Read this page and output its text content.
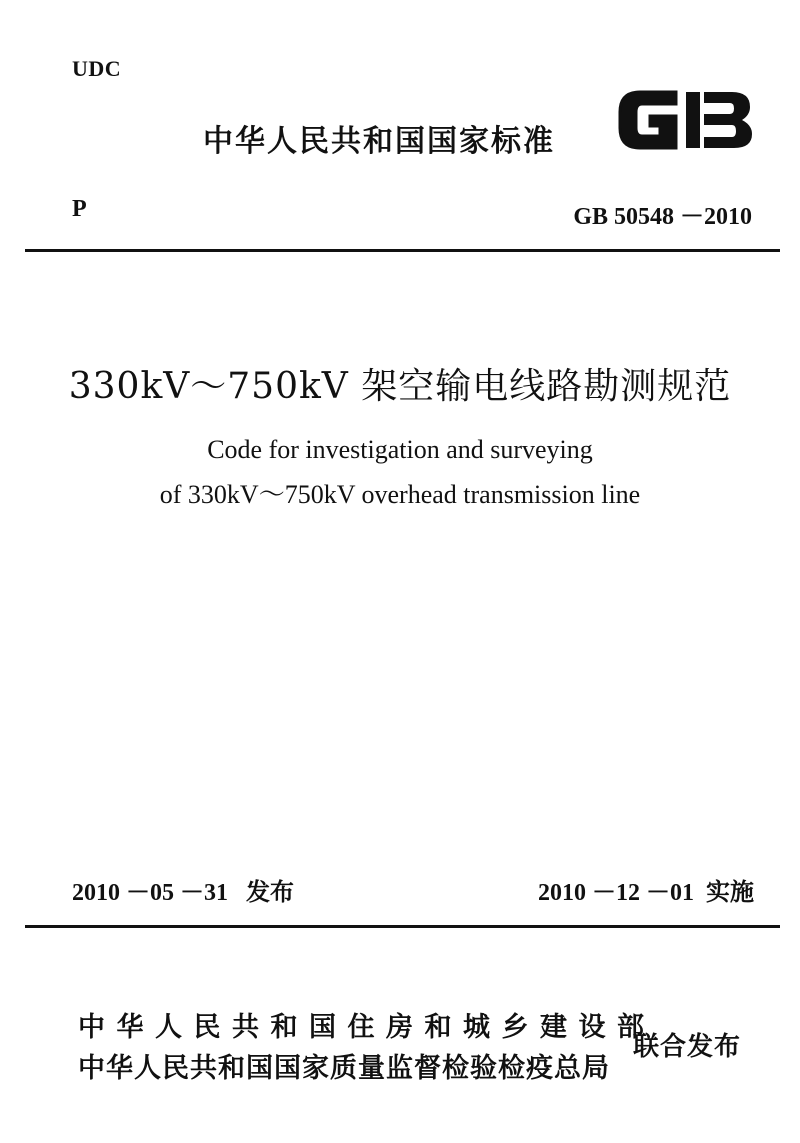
UDC
中华人民共和国国家标准
P	GB 50548 －2010
330kV～750kV 架空输电线路勘测规范
Code for investigation and surveying
of 330kV～750kV overhead transmission line
2010 －05 －31 发布	2010 －12 －01 实施
中华人民共和国住房和城乡建设部
中华人民共和国国家质量监督检验检疫总局
联合发布
